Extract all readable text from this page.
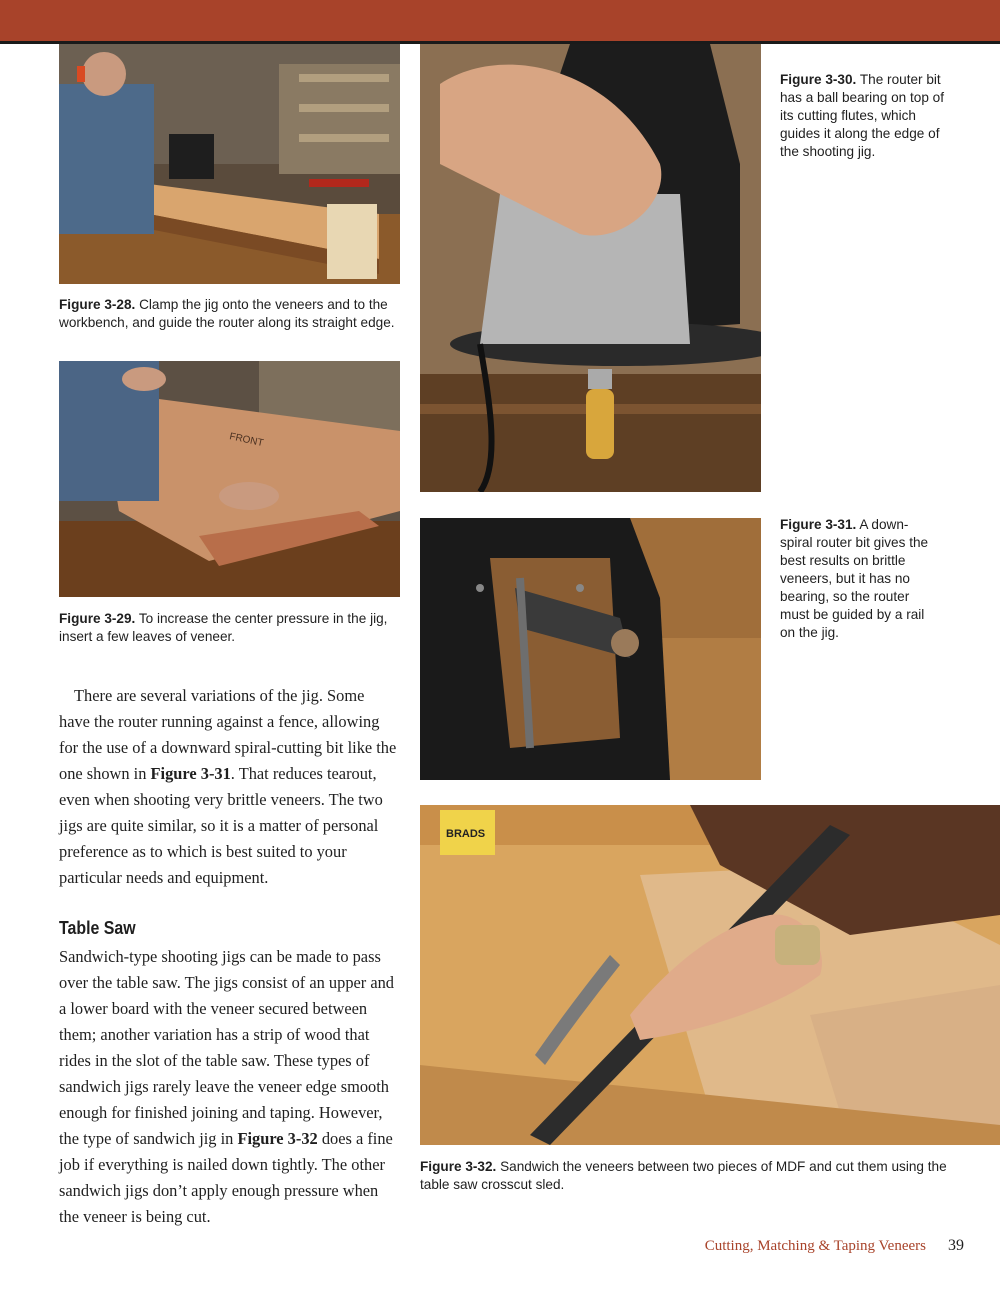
Figure 3-28. Clamp the jig onto the veneers and to the workbench, and guide the router along its straight edge.
FRONT
Figure 3-29. To increase the center pressure in the jig, insert a few leaves of veneer.
Figure 3-30. The router bit has a ball bearing on top of its cutting flutes, which guides it along the edge of the shooting jig.
Figure 3-31. A down-spiral router bit gives the best results on brittle veneers, but it has no bearing, so the router must be guided by a rail on the jig.
BRADS
Figure 3-32. Sandwich the veneers between two pieces of MDF and cut them using the table saw crosscut sled.

There are several variations of the jig. Some have the router running against a fence, allowing for the use of a downward spiral-cutting bit like the one shown in Figure 3-31. That reduces tearout, even when shooting very brittle veneers. The two jigs are quite similar, so it is a matter of personal preference as to which is best suited to your particular needs and equipment.

Table Saw

Sandwich-type shooting jigs can be made to pass over the table saw. The jigs consist of an upper and a lower board with the veneer secured between them; another variation has a strip of wood that rides in the slot of the table saw. These types of sandwich jigs rarely leave the veneer edge smooth enough for finished joining and taping. However, the type of sandwich jig in Figure 3-32 does a fine job if everything is nailed down tightly. The other sandwich jigs don’t apply enough pressure when the veneer is being cut.

Cutting, Matching & Taping Veneers 39
